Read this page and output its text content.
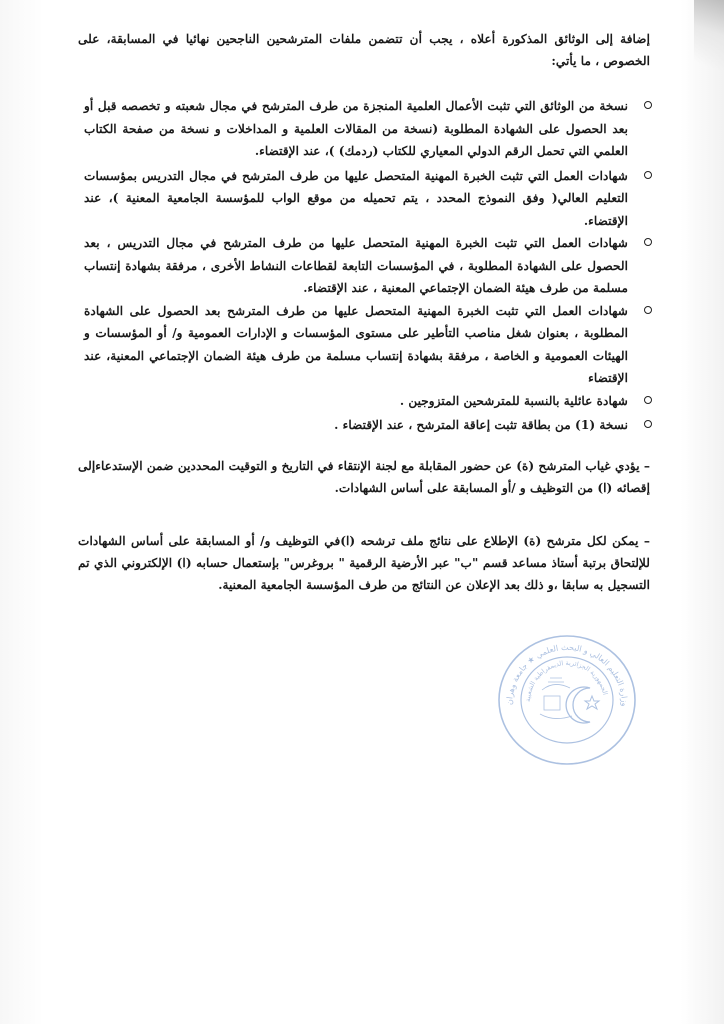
إضافة إلى الوثائق المذكورة أعلاه ، يجب أن تتضمن ملفات المترشحين الناجحين نهائيا في المسابقة، على الخصوص ، ما يأتي:

نسخة من الوثائق التي تثبت الأعمال العلمية المنجزة من طرف المترشح في مجال شعبته و تخصصه قبل أو بعد الحصول على الشهادة المطلوبة (نسخة من المقالات العلمية و المداخلات و نسخة من صفحة الكتاب العلمي التي تحمل الرقم الدولي المعياري للكتاب (ردمك) )، عند الإقتضاء.
شهادات العمل التي تثبت الخبرة المهنية المتحصل عليها من طرف المترشح في مجال التدريس بمؤسسات التعليم العالي( وفق النموذج المحدد ، يتم تحميله من موقع الواب للمؤسسة الجامعية المعنية )، عند الإقتضاء.
شهادات العمل التي تثبت الخبرة المهنية المتحصل عليها من طرف المترشح في مجال التدريس ، بعد الحصول على الشهادة المطلوبة ، في المؤسسات التابعة لقطاعات النشاط الأخرى ، مرفقة بشهادة إنتساب مسلمة من طرف هيئة الضمان الإجتماعي المعنية ، عند الإقتضاء.
شهادات العمل التي تثبت الخبرة المهنية المتحصل عليها من طرف المترشح بعد الحصول على الشهادة المطلوبة ، بعنوان شغل مناصب التأطير على مستوى المؤسسات و الإدارات العمومية و/ أو المؤسسات و الهيئات العمومية و الخاصة ، مرفقة بشهادة إنتساب مسلمة من طرف هيئة الضمان الإجتماعي المعنية، عند الإقتضاء
شهادة عائلية بالنسبة للمترشحين المتزوجين .
نسخة (1) من بطاقة تثبت إعاقة المترشح ، عند الإقتضاء .

– يؤدي غياب المترشح (ة) عن حضور المقابلة مع لجنة الإنتقاء في التاريخ و التوقيت المحددين ضمن الإستدعاءإلى إقصائه (ا) من التوظيف و /أو المسابقة على أساس الشهادات.

– يمكن لكل مترشح (ة) الإطلاع على نتائج ملف ترشحه (ا)في التوظيف و/ أو المسابقة على أساس الشهادات للإلتحاق برتبة أستاذ مساعد قسم "ب" عبر الأرضية الرقمية " بروغرس" بإستعمال حسابه (ا) الإلكتروني الذي تم التسجيل به سابقا ،و ذلك بعد الإعلان عن النتائج من طرف المؤسسة الجامعية المعنية.

وزارة التعليم العالي و البحث العلمي ★ جامعة وهران
الجمهورية الجزائرية الديمقراطية الشعبية
